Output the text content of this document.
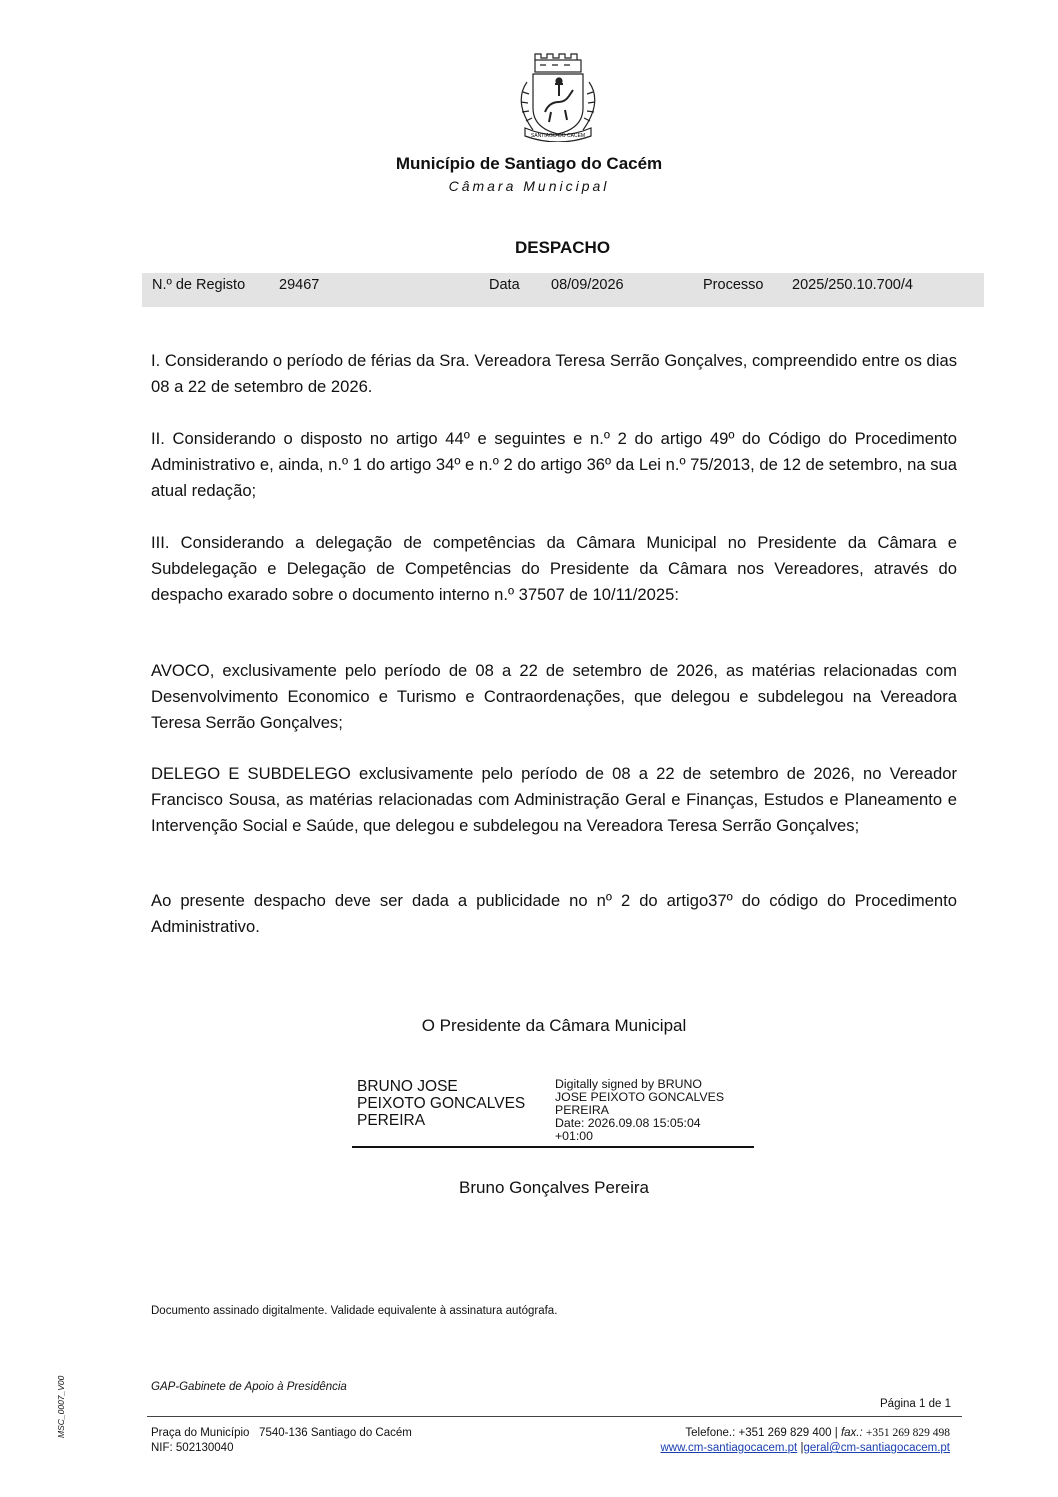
SANTIAGO DO CACEM
Município de Santiago do Cacém
Câmara Municipal
DESPACHO
N.º de Registo 29467	Data 08/09/2026	Processo 2025/250.10.700/4

I. Considerando o período de férias da Sra. Vereadora Teresa Serrão Gonçalves, compreendido entre os dias 08 a 22 de setembro de 2026.

II. Considerando o disposto no artigo 44º e seguintes e n.º 2 do artigo 49º do Código do Procedimento Administrativo e, ainda, n.º 1 do artigo 34º e n.º 2 do artigo 36º da Lei n.º 75/2013, de 12 de setembro, na sua atual redação;

III. Considerando a delegação de competências da Câmara Municipal no Presidente da Câmara e Subdelegação e Delegação de Competências do Presidente da Câmara nos Vereadores, através do despacho exarado sobre o documento interno n.º 37507 de 10/11/2025:

AVOCO, exclusivamente pelo período de 08 a 22 de setembro de 2026, as matérias relacionadas com Desenvolvimento Economico e Turismo e Contraordenações, que delegou e subdelegou na Vereadora Teresa Serrão Gonçalves;

DELEGO E SUBDELEGO exclusivamente pelo período de 08 a 22 de setembro de 2026, no Vereador Francisco Sousa, as matérias relacionadas com Administração Geral e Finanças, Estudos e Planeamento e Intervenção Social e Saúde, que delegou e subdelegou na Vereadora Teresa Serrão Gonçalves;

Ao presente despacho deve ser dada a publicidade no nº 2 do artigo37º do código do Procedimento Administrativo.

O Presidente da Câmara Municipal
BRUNO JOSE
PEIXOTO GONCALVES
PEREIRA
Digitally signed by BRUNO
JOSE PEIXOTO GONCALVES
PEREIRA
Date: 2026.09.08 15:05:04
+01:00
Bruno Gonçalves Pereira
Documento assinado digitalmente. Validade equivalente à assinatura autógrafa.
MSC_0007_V00	GAP-Gabinete de Apoio à Presidência
Página 1 de 1
Praça do Município 7540-136 Santiago do Cacém
NIF: 502130040
Telefone.: +351 269 829 400 | fax.: +351 269 829 498
www.cm-santiagocacem.pt |geral@cm-santiagocacem.pt
